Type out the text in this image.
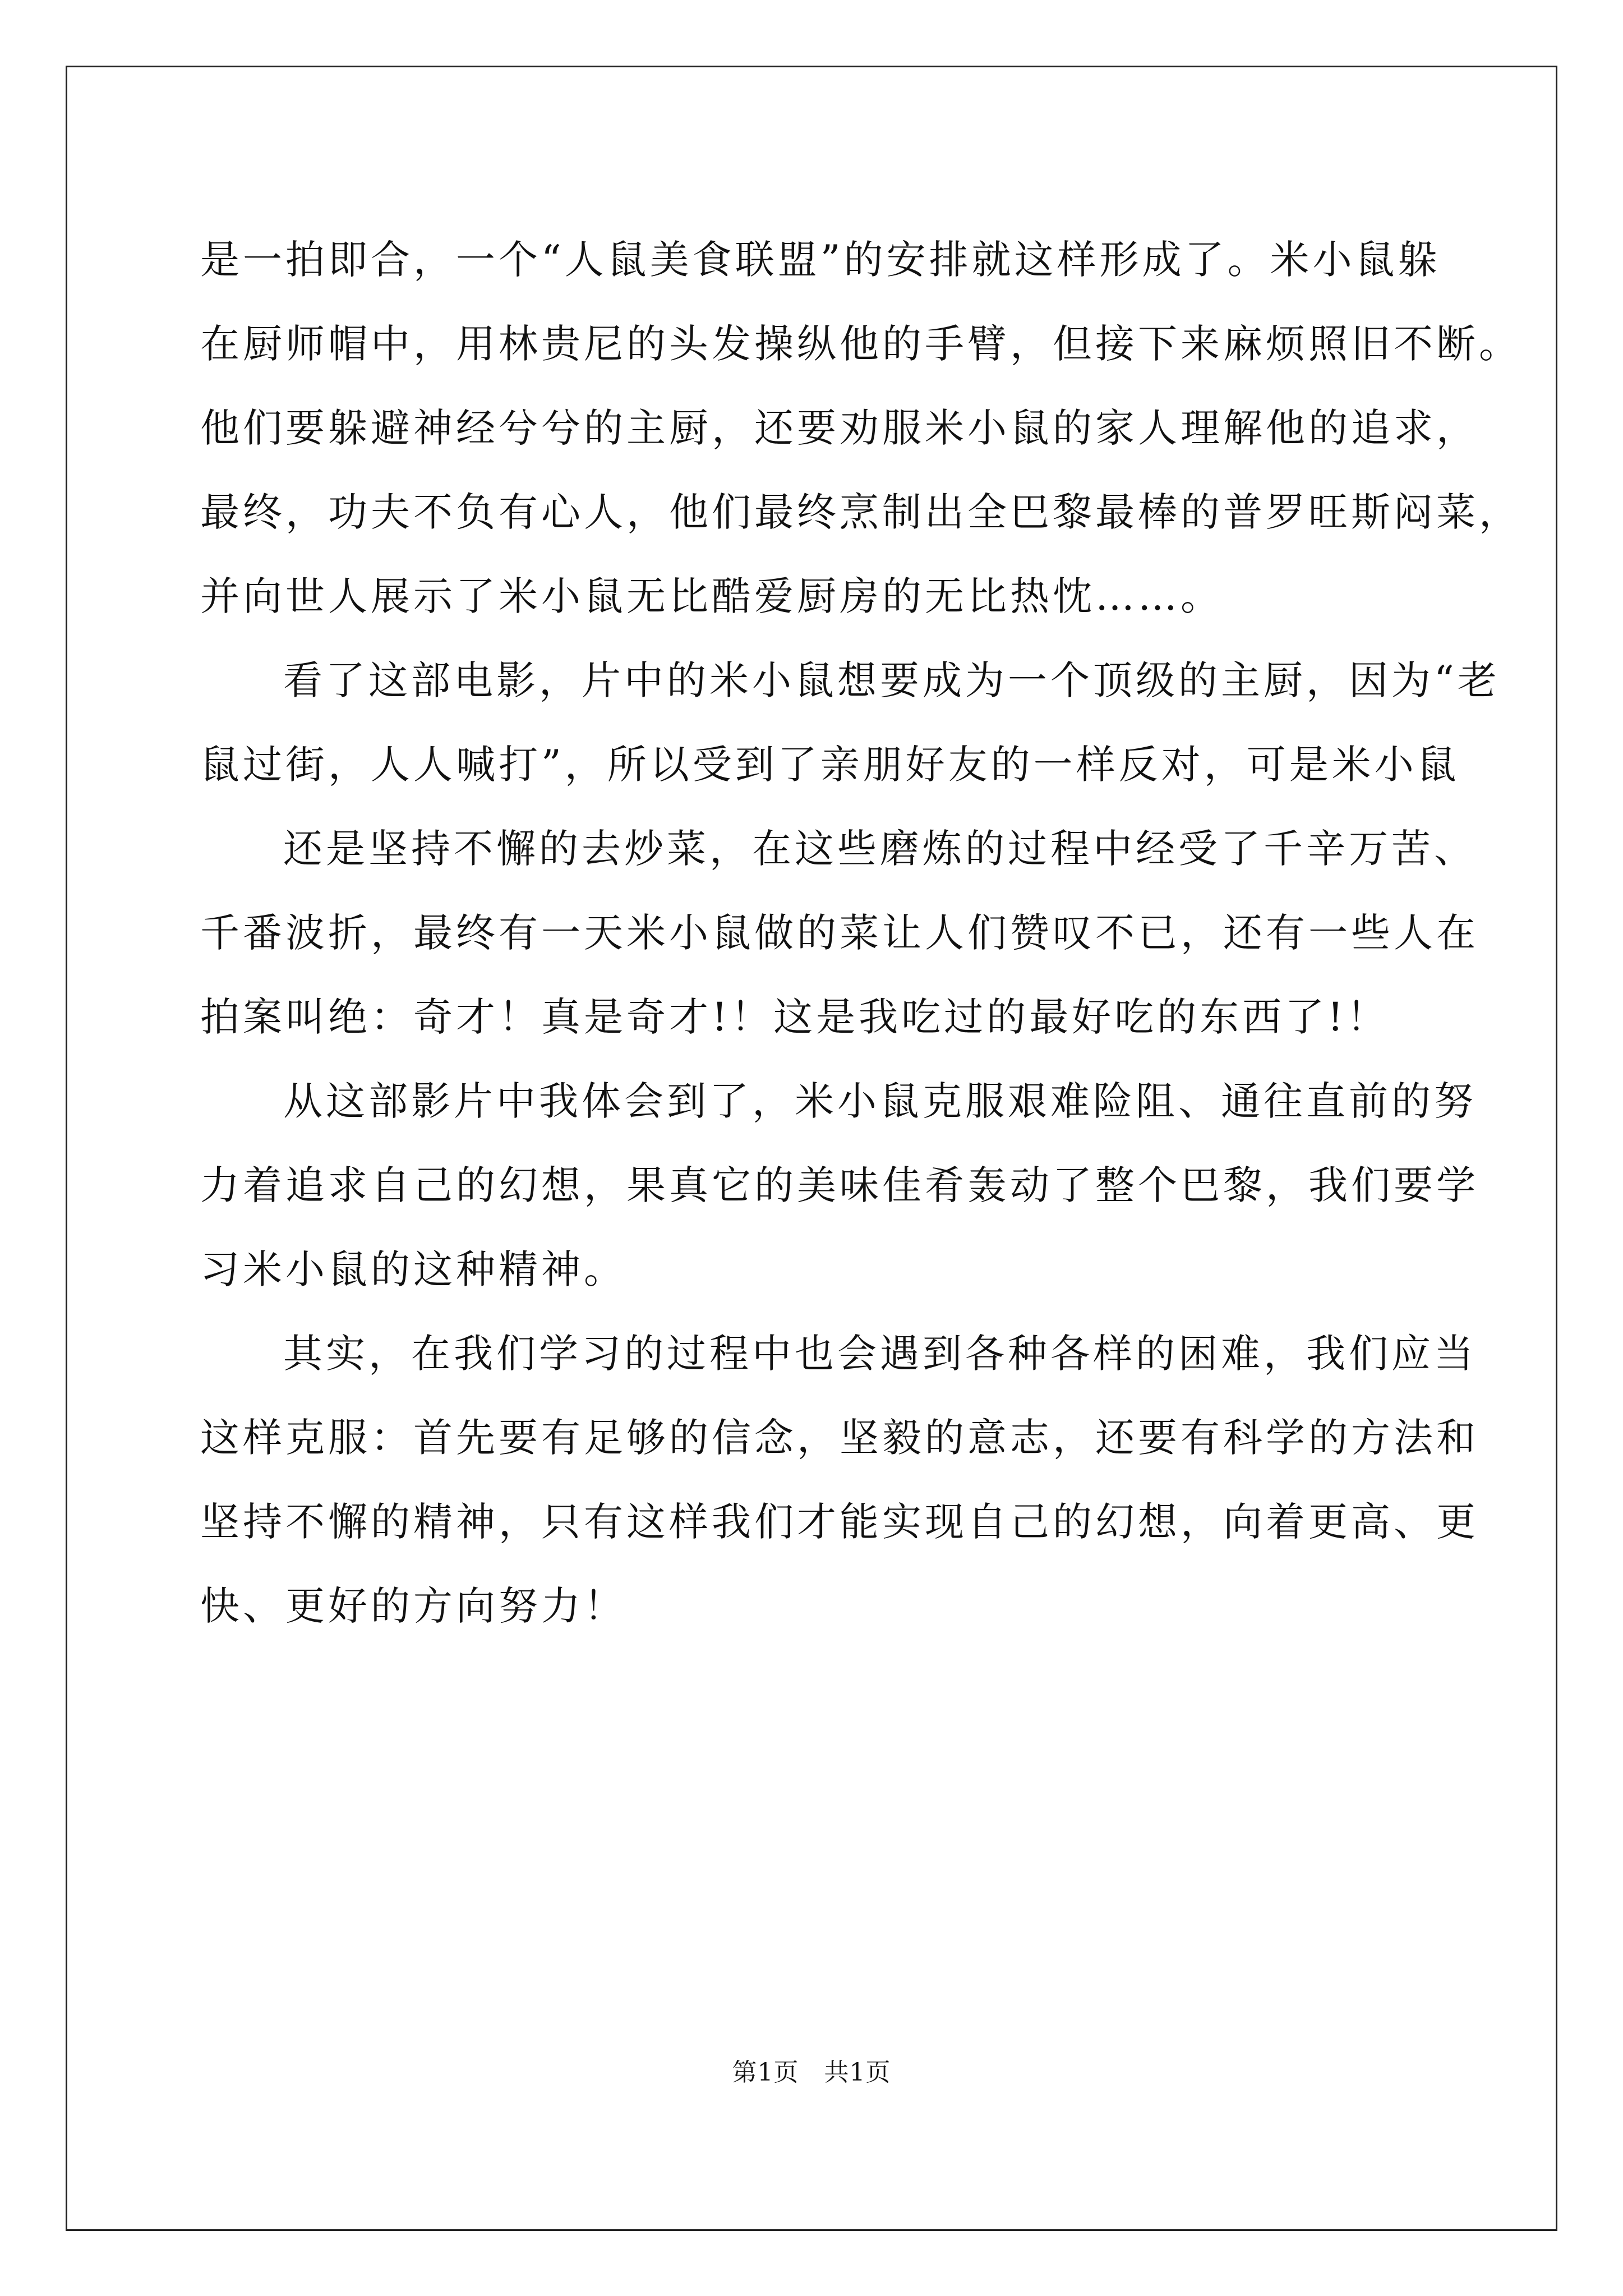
是一拍即合，一个“人鼠美食联盟”的安排就这样形成了。米小鼠躲
在厨师帽中，用林贵尼的头发操纵他的手臂，但接下来麻烦照旧不断。
他们要躲避神经兮兮的主厨，还要劝服米小鼠的家人理解他的追求，
最终，功夫不负有心人，他们最终烹制出全巴黎最棒的普罗旺斯闷菜，
并向世人展示了米小鼠无比酷爱厨房的无比热忱……。
看了这部电影，片中的米小鼠想要成为一个顶级的主厨，因为“老
鼠过街，人人喊打”，所以受到了亲朋好友的一样反对，可是米小鼠
还是坚持不懈的去炒菜，在这些磨炼的过程中经受了千辛万苦、
千番波折，最终有一天米小鼠做的菜让人们赞叹不已，还有一些人在
拍案叫绝：奇才！真是奇才!！这是我吃过的最好吃的东西了!！
从这部影片中我体会到了，米小鼠克服艰难险阻、通往直前的努
力着追求自己的幻想，果真它的美味佳肴轰动了整个巴黎，我们要学
习米小鼠的这种精神。
其实，在我们学习的过程中也会遇到各种各样的困难，我们应当
这样克服：首先要有足够的信念，坚毅的意志，还要有科学的方法和
坚持不懈的精神，只有这样我们才能实现自己的幻想，向着更高、更
快、更好的方向努力！
第1页　共1页
